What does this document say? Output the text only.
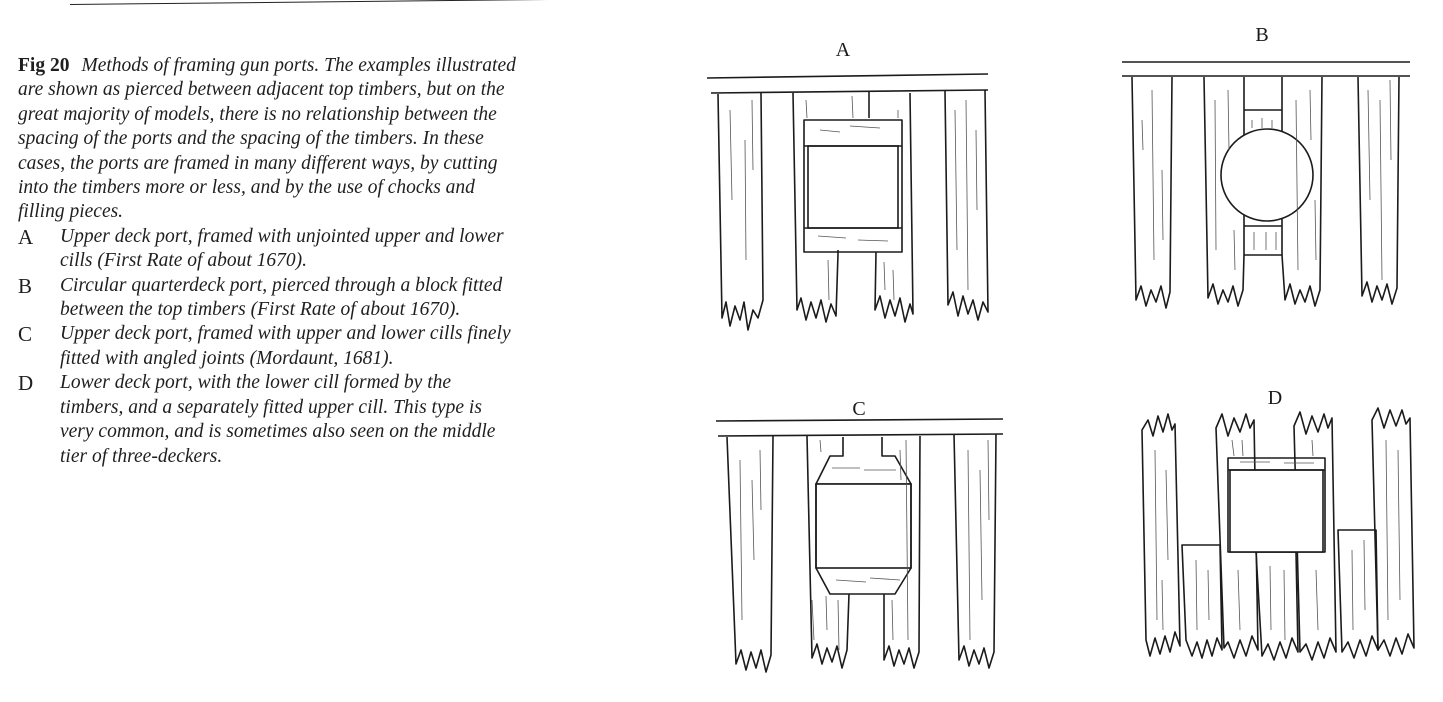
Fig 20 Methods of framing gun ports. The examples illustrated are shown as pierced between adjacent top timbers, but on the great majority of models, there is no relationship between the spacing of the ports and the spacing of the timbers. In these cases, the ports are framed in many different ways, by cutting into the timbers more or less, and by the use of chocks and filling pieces.

A Upper deck port, framed with unjointed upper and lower cills (First Rate of about 1670).

B Circular quarterdeck port, pierced through a block fitted between the top timbers (First Rate of about 1670).

C Upper deck port, framed with upper and lower cills finely fitted with angled joints (Mordaunt, 1681).

D Lower deck port, with the lower cill formed by the timbers, and a separately fitted upper cill. This type is very common, and is sometimes also seen on the middle tier of three-deckers.

A
B
C	D
